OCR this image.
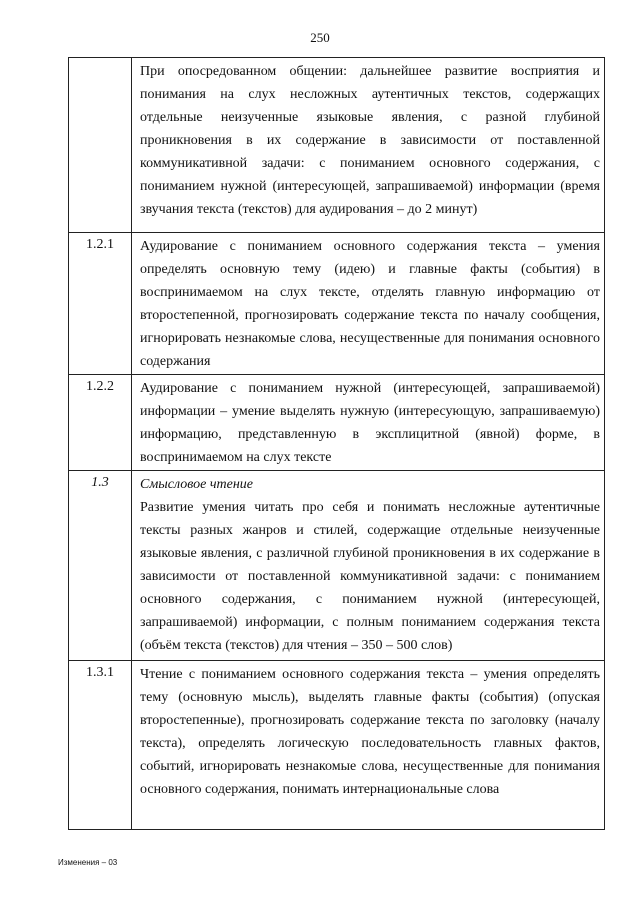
250
	При опосредованном общении: дальнейшее развитие восприятия и понимания на слух несложных аутентичных текстов, содержащих отдельные неизученные языковые явления, с разной глубиной проникновения в их содержание в зависимости от поставленной коммуникативной задачи: с пониманием основного содержания, с пониманием нужной (интересующей, запрашиваемой) информации (время звучания текста (текстов) для аудирования – до 2 минут)
1.2.1	Аудирование с пониманием основного содержания текста – умения определять основную тему (идею) и главные факты (события) в воспринимаемом на слух тексте, отделять главную информацию от второстепенной, прогнозировать содержание текста по началу сообщения, игнорировать незнакомые слова, несущественные для понимания основного содержания
1.2.2	Аудирование с пониманием нужной (интересующей, запрашиваемой) информации – умение выделять нужную (интересующую, запрашиваемую) информацию, представленную в эксплицитной (явной) форме, в воспринимаемом на слух тексте
1.3	Смысловое чтение
Развитие умения читать про себя и понимать несложные аутентичные тексты разных жанров и стилей, содержащие отдельные неизученные языковые явления, с различной глубиной проникновения в их содержание в зависимости от поставленной коммуникативной задачи: с пониманием основного содержания, с пониманием нужной (интересующей, запрашиваемой) информации, с полным пониманием содержания текста (объём текста (текстов) для чтения – 350 – 500 слов)
1.3.1	Чтение с пониманием основного содержания текста – умения определять тему (основную мысль), выделять главные факты (события) (опуская второстепенные), прогнозировать содержание текста по заголовку (началу текста), определять логическую последовательность главных фактов, событий, игнорировать незнакомые слова, несущественные для понимания основного содержания, понимать интернациональные слова
Изменения – 03
